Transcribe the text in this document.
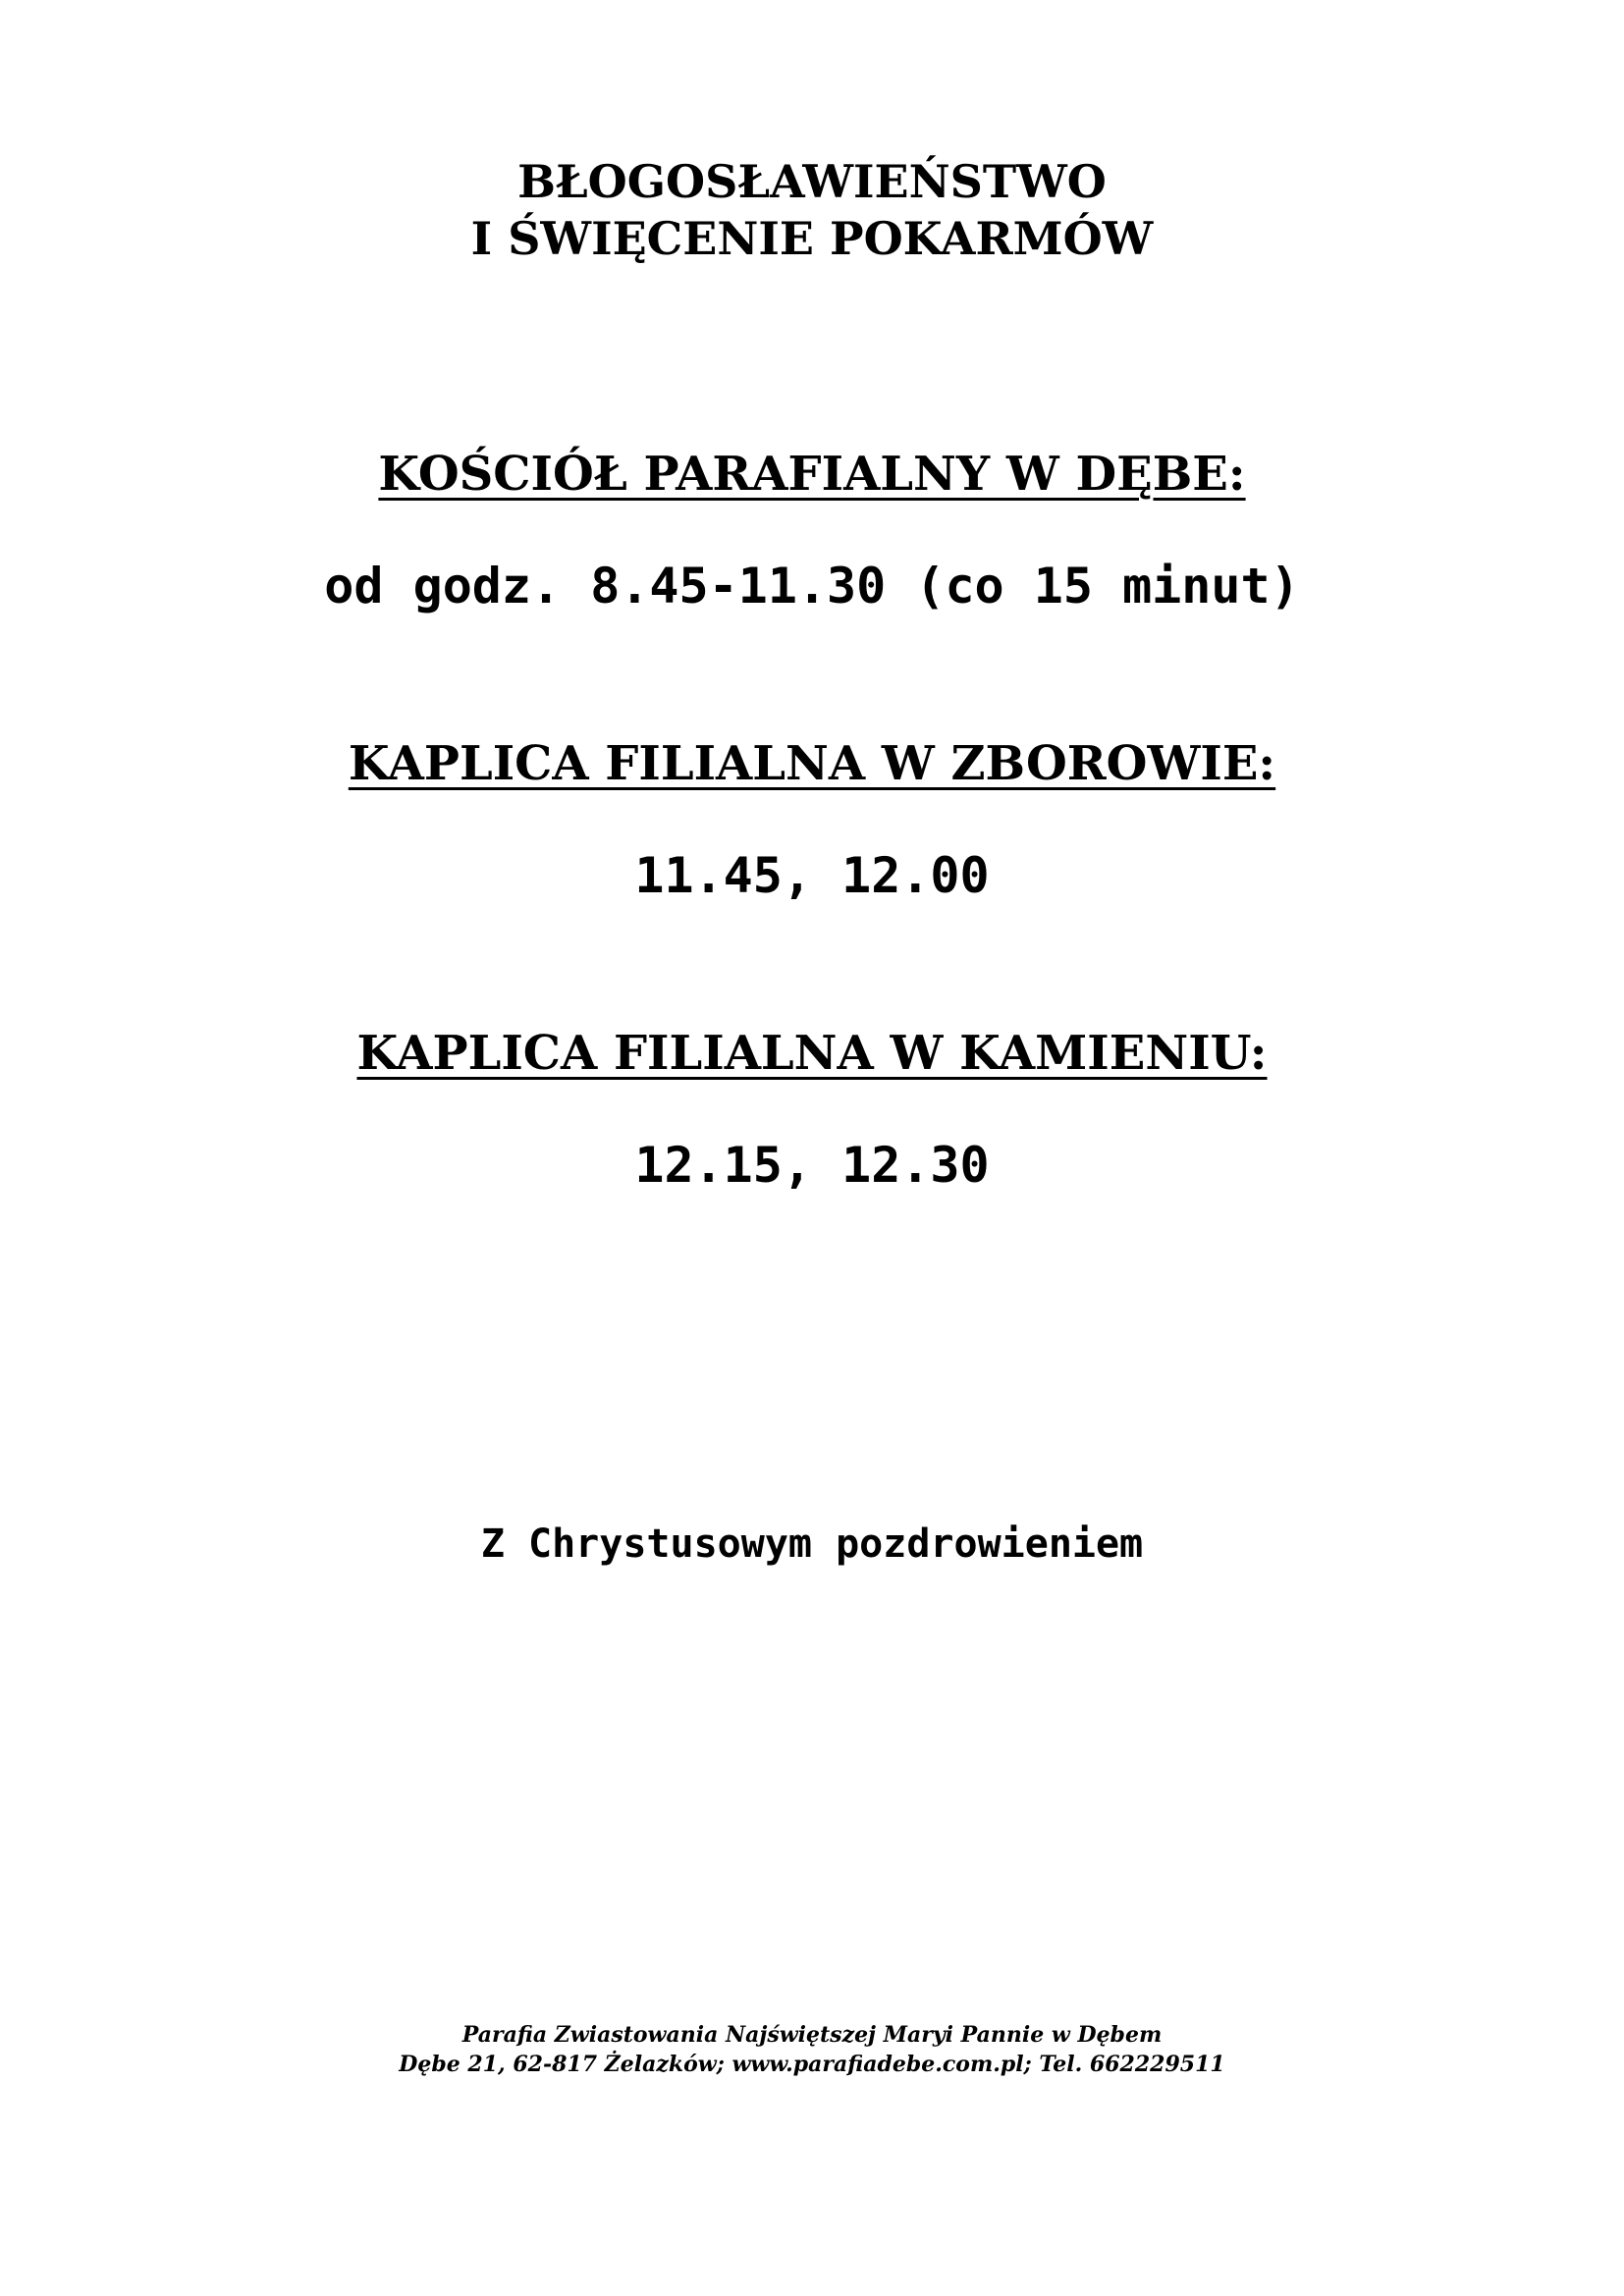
BŁOGOSŁAWIEŃSTWO

I ŚWIĘCENIE POKARMÓW

KOŚCIÓŁ PARAFIALNY W DĘBE:

od godz. 8.45-11.30 (co 15 minut)

KAPLICA FILIALNA W ZBOROWIE:

11.45, 12.00

KAPLICA FILIALNA W KAMIENIU:

12.15, 12.30

Z Chrystusowym pozdrowieniem

Parafia Zwiastowania Najświętszej Maryi Pannie w Dębem

Dębe 21, 62-817 Żelazków; www.parafiadebe.com.pl; Tel. 662229511
